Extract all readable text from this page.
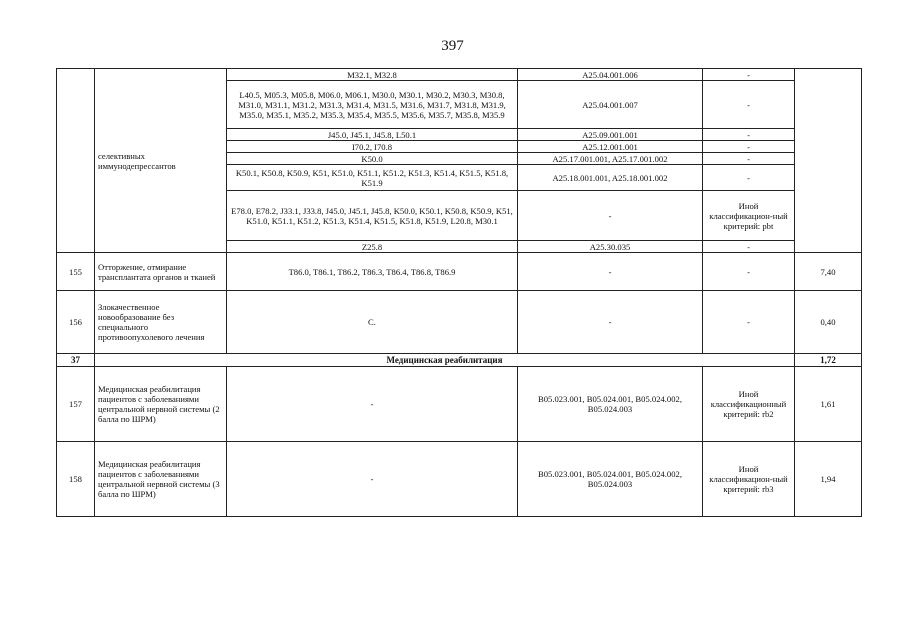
397
	селективных иммунодепрессантов	M32.1, M32.8	A25.04.001.006	-	
		L40.5, M05.3, M05.8, M06.0, M06.1, M30.0, M30.1, M30.2, M30.3, M30.8, M31.0, M31.1, M31.2, M31.3, M31.4, M31.5, M31.6, M31.7, M31.8, M31.9, M35.0, M35.1, M35.2, M35.3, M35.4, M35.5, M35.6, M35.7, M35.8, M35.9	A25.04.001.007	-	
		J45.0, J45.1, J45.8, L50.1	A25.09.001.001	-	
		I70.2, I70.8	A25.12.001.001	-	
		K50.0	A25.17.001.001, A25.17.001.002	-	
		K50.1, K50.8, K50.9, K51, K51.0, K51.1, K51.2, K51.3, K51.4, K51.5, K51.8, K51.9	A25.18.001.001, A25.18.001.002	-	
		E78.0, E78.2, J33.1, J33.8, J45.0, J45.1, J45.8, K50.0, K50.1, K50.8, K50.9, K51, K51.0, K51.1, K51.2, K51.3, K51.4, K51.5, K51.8, K51.9, L20.8, M30.1	-	Иной классификацион-ный критерий: pbt	
		Z25.8	A25.30.035	-	
155	Отторжение, отмирание трансплантата органов и тканей	T86.0, T86.1, T86.2, T86.3, T86.4, T86.8, T86.9	-	-	7,40
156	Злокачественное новообразование без специального противоопухолевого лечения	C.	-	-	0,40
37	Медицинская реабилитация				1,72
157	Медицинская реабилитация пациентов с заболеваниями центральной нервной системы (2 балла по ШРМ)	-	B05.023.001, B05.024.001, B05.024.002, B05.024.003	Иной классификационный критерий: rb2	1,61
158	Медицинская реабилитация пациентов с заболеваниями центральной нервной системы (3 балла по ШРМ)	-	B05.023.001, B05.024.001, B05.024.002, B05.024.003	Иной классификацион-ный критерий: rb3	1,94
